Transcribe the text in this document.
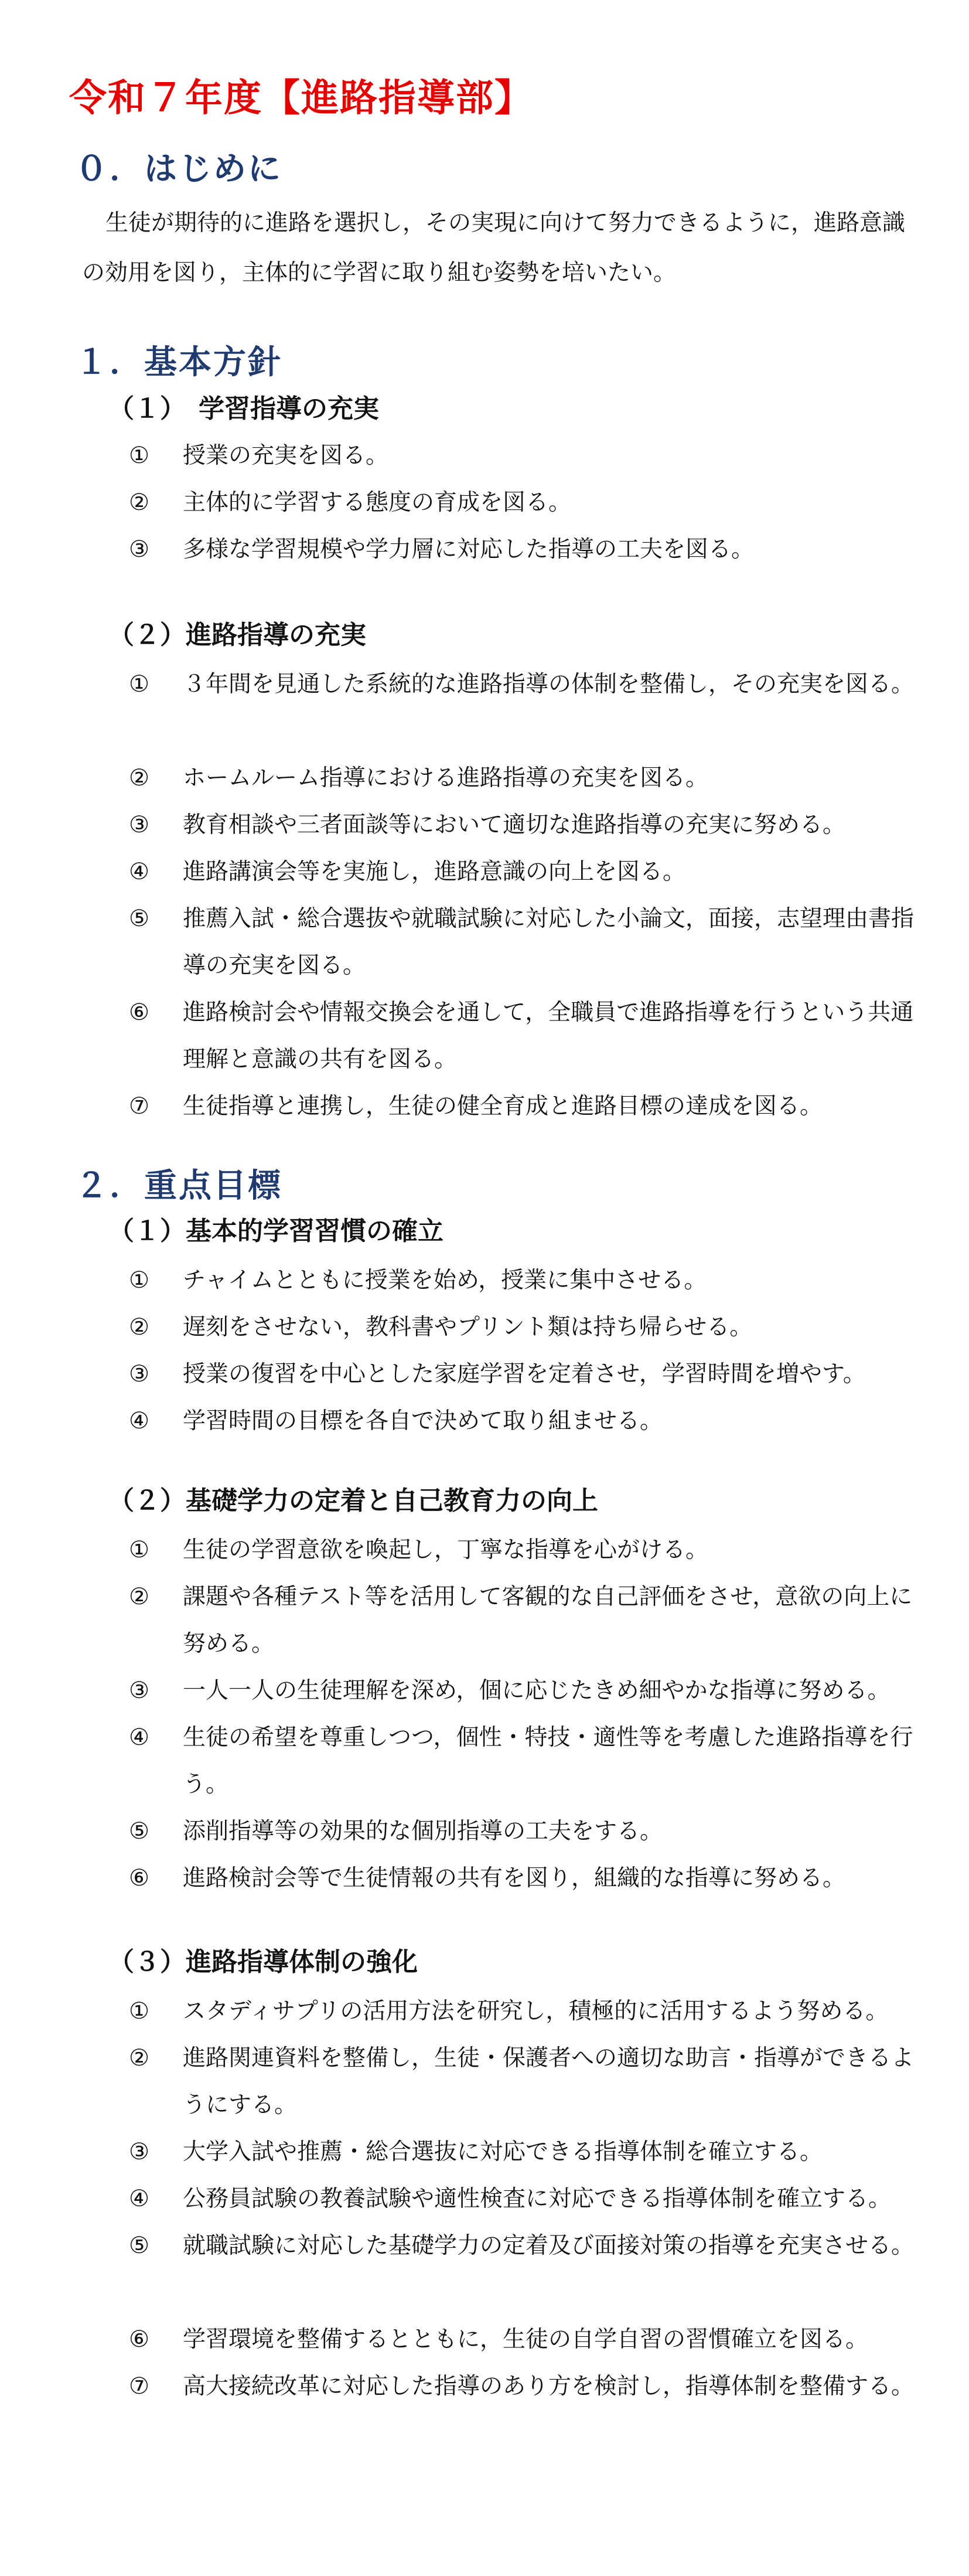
令和７年度【進路指導部】
０．はじめに
生徒が期待的に進路を選択し，その実現に向けて努力できるように，進路意識の効用を図り，主体的に学習に取り組む姿勢を培いたい。
１．基本方針
（１）　学習指導の充実
①	授業の充実を図る。
②	主体的に学習する態度の育成を図る。
③	多様な学習規模や学力層に対応した指導の工夫を図る。
（２）進路指導の充実
①	３年間を見通した系統的な進路指導の体制を整備し，その充実を図る。
②	ホームルーム指導における進路指導の充実を図る。
③	教育相談や三者面談等において適切な進路指導の充実に努める。
④	進路講演会等を実施し，進路意識の向上を図る。
⑤	推薦入試・総合選抜や就職試験に対応した小論文，面接，志望理由書指導の充実を図る。
⑥	進路検討会や情報交換会を通して，全職員で進路指導を行うという共通理解と意識の共有を図る。
⑦	生徒指導と連携し，生徒の健全育成と進路目標の達成を図る。
２．重点目標
（１）基本的学習習慣の確立
①	チャイムとともに授業を始め，授業に集中させる。
②	遅刻をさせない，教科書やプリント類は持ち帰らせる。
③	授業の復習を中心とした家庭学習を定着させ，学習時間を増やす。
④	学習時間の目標を各自で決めて取り組ませる。
（２）基礎学力の定着と自己教育力の向上
①	生徒の学習意欲を喚起し，丁寧な指導を心がける。
②	課題や各種テスト等を活用して客観的な自己評価をさせ，意欲の向上に努める。
③	一人一人の生徒理解を深め，個に応じたきめ細やかな指導に努める。
④	生徒の希望を尊重しつつ，個性・特技・適性等を考慮した進路指導を行う。
⑤	添削指導等の効果的な個別指導の工夫をする。
⑥	進路検討会等で生徒情報の共有を図り，組織的な指導に努める。
（３）進路指導体制の強化
①	スタディサプリの活用方法を研究し，積極的に活用するよう努める。
②	進路関連資料を整備し，生徒・保護者への適切な助言・指導ができるようにする。
③	大学入試や推薦・総合選抜に対応できる指導体制を確立する。
④	公務員試験の教養試験や適性検査に対応できる指導体制を確立する。
⑤	就職試験に対応した基礎学力の定着及び面接対策の指導を充実させる。
⑥	学習環境を整備するとともに，生徒の自学自習の習慣確立を図る。
⑦	高大接続改革に対応した指導のあり方を検討し，指導体制を整備する。
